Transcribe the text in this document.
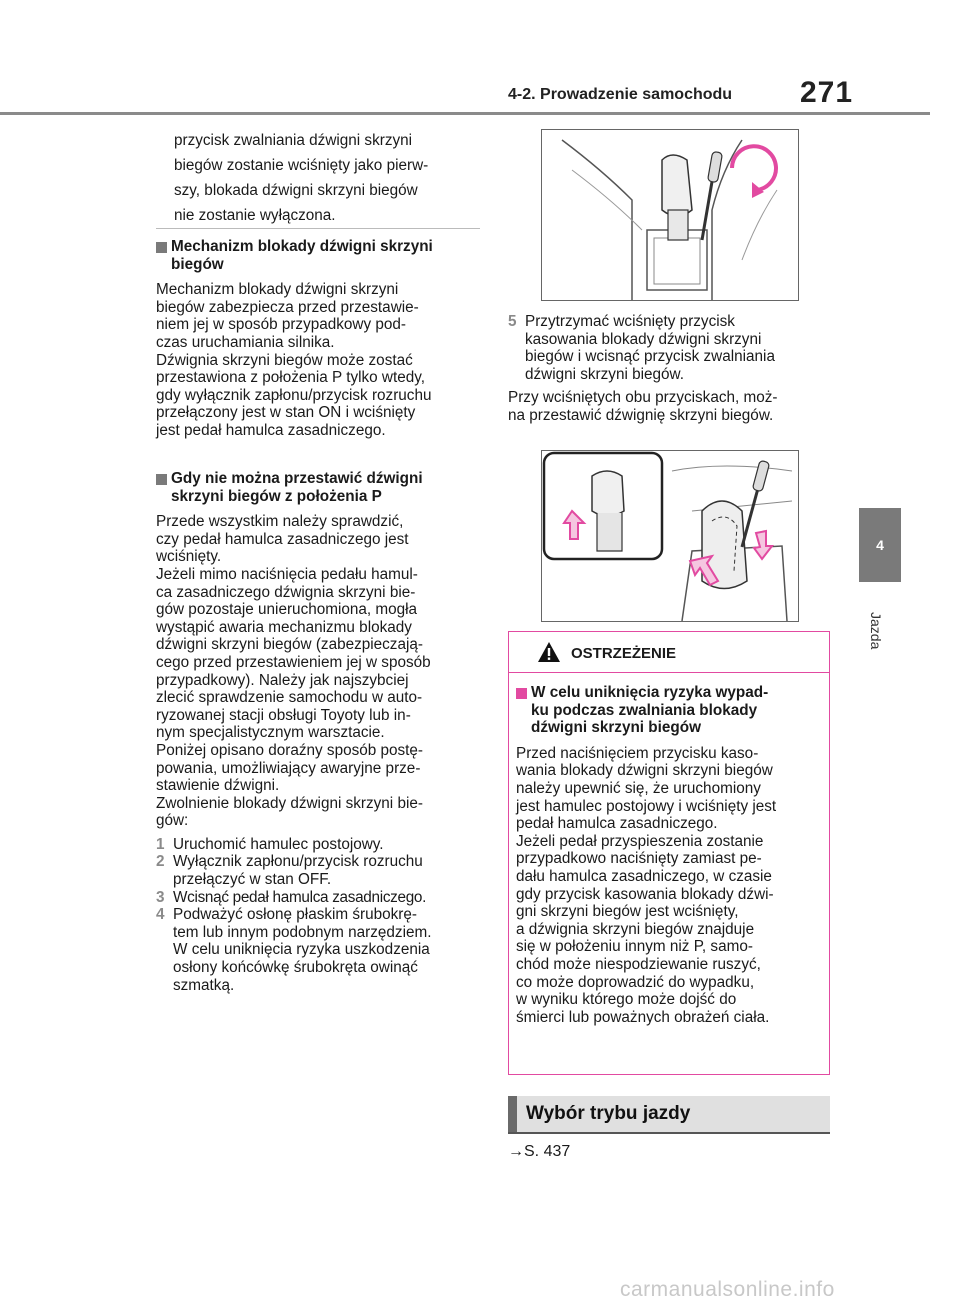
4-2. Prowadzenie samochodu 271
4
Jazda
przycisk zwalniania dźwigni skrzyni
biegów zostanie wciśnięty jako pierw-
szy, blokada dźwigni skrzyni biegów
nie zostanie wyłączona.
Mechanizm blokady dźwigni skrzyni
biegów
Mechanizm blokady dźwigni skrzyni
biegów zabezpiecza przed przestawie-
niem jej w sposób przypadkowy pod-
czas uruchamiania silnika.
Dźwignia skrzyni biegów może zostać
przestawiona z położenia P tylko wtedy,
gdy wyłącznik zapłonu/przycisk rozruchu
przełączony jest w stan ON i wciśnięty
jest pedał hamulca zasadniczego.
Gdy nie można przestawić dźwigni
skrzyni biegów z położenia P
Przede wszystkim należy sprawdzić,
czy pedał hamulca zasadniczego jest
wciśnięty.
Jeżeli mimo naciśnięcia pedału hamul-
ca zasadniczego dźwignia skrzyni bie-
gów pozostaje unieruchomiona, mogła
wystąpić awaria mechanizmu blokady
dźwigni skrzyni biegów (zabezpieczają-
cego przed przestawieniem jej w sposób
przypadkowy). Należy jak najszybciej
zlecić sprawdzenie samochodu w auto-
ryzowanej stacji obsługi Toyoty lub in-
nym specjalistycznym warsztacie.
Poniżej opisano doraźny sposób postę-
powania, umożliwiający awaryjne prze-
stawienie dźwigni.
Zwolnienie blokady dźwigni skrzyni bie-
gów:
1 Uruchomić hamulec postojowy.
2 Wyłącznik zapłonu/przycisk rozruchu
przełączyć w stan OFF.
3 Wcisnąć pedał hamulca zasadniczego.
4 Podważyć osłonę płaskim śrubokrę-
tem lub innym podobnym narzędziem.
W celu uniknięcia ryzyka uszkodzenia
osłony końcówkę śrubokręta owinąć
szmatką.
5 Przytrzymać wciśnięty przycisk
kasowania blokady dźwigni skrzyni
biegów i wcisnąć przycisk zwalniania
dźwigni skrzyni biegów.
Przy wciśniętych obu przyciskach, moż-
na przestawić dźwignię skrzyni biegów.
OSTRZEŻENIE
W celu uniknięcia ryzyka wypad-
ku podczas zwalniania blokady
dźwigni skrzyni biegów
Przed naciśnięciem przycisku kaso-
wania blokady dźwigni skrzyni biegów
należy upewnić się, że uruchomiony
jest hamulec postojowy i wciśnięty jest
pedał hamulca zasadniczego.
Jeżeli pedał przyspieszenia zostanie
przypadkowo naciśnięty zamiast pe-
dału hamulca zasadniczego, w czasie
gdy przycisk kasowania blokady dźwi-
gni skrzyni biegów jest wciśnięty,
a dźwignia skrzyni biegów znajduje
się w położeniu innym niż P, samo-
chód może niespodziewanie ruszyć,
co może doprowadzić do wypadku,
w wyniku którego może dojść do
śmierci lub poważnych obrażeń ciała.
Wybór trybu jazdy
→S. 437
carmanualsonline.info
